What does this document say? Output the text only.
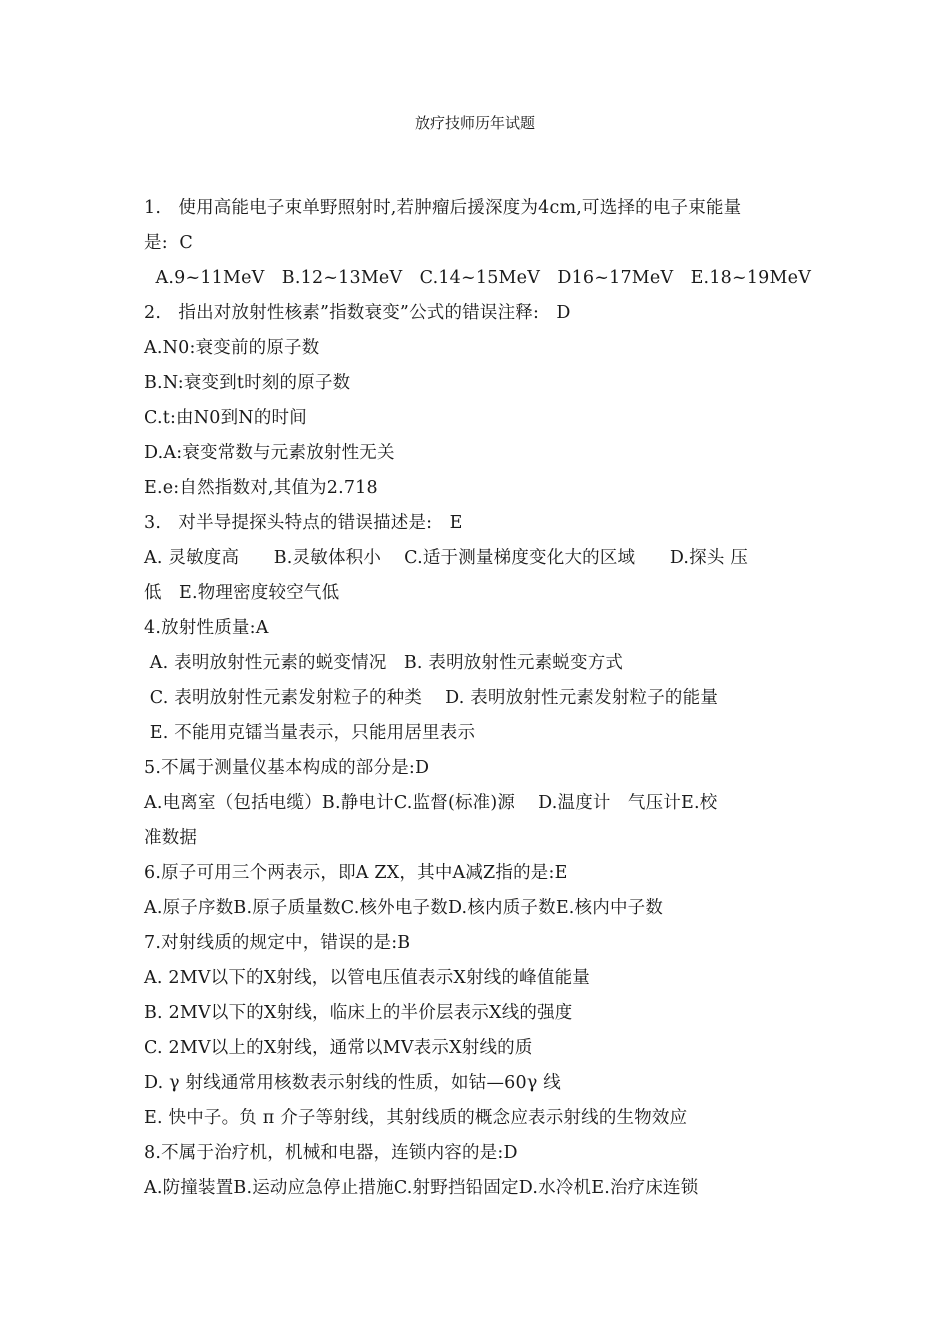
放疗技师历年试题
1.   使用高能电子束单野照射时,若肿瘤后援深度为4cm,可选择的电子束能量
是:  C
A.9~11MeV   B.12~13MeV   C.14~15MeV   D16~17MeV   E.18~19MeV
2.   指出对放射性核素”指数衰变”公式的错误注释:   D
A.N0:衰变前的原子数
B.N:衰变到t时刻的原子数
C.t:由N0到N的时间
D.A:衰变常数与元素放射性无关
E.e:自然指数对,其值为2.718
3.   对半导提探头特点的错误描述是:   E
A. 灵敏度高      B.灵敏体积小    C.适于测量梯度变化大的区域      D.探头 压
低   E.物理密度较空气低
4.放射性质量:A
A. 表明放射性元素的蜕变情况   B. 表明放射性元素蜕变方式
C. 表明放射性元素发射粒子的种类    D. 表明放射性元素发射粒子的能量
E. 不能用克镭当量表示，只能用居里表示
5.不属于测量仪基本构成的部分是:D
A.电离室（包括电缆）B.静电计C.监督(标准)源    D.温度计   气压计E.校
准数据
6.原子可用三个两表示，即A ZX，其中A减Z指的是:E
A.原子序数B.原子质量数C.核外电子数D.核内质子数E.核内中子数
7.对射线质的规定中，错误的是:B
A. 2MV以下的X射线，以管电压值表示X射线的峰值能量
B. 2MV以下的X射线，临床上的半价层表示X线的强度
C. 2MV以上的X射线，通常以MV表示X射线的质
D. γ 射线通常用核数表示射线的性质，如钴—60γ 线
E. 快中子。负 π 介子等射线，其射线质的概念应表示射线的生物效应
8.不属于治疗机，机械和电器，连锁内容的是:D
A.防撞装置B.运动应急停止措施C.射野挡铅固定D.水冷机E.治疗床连锁
